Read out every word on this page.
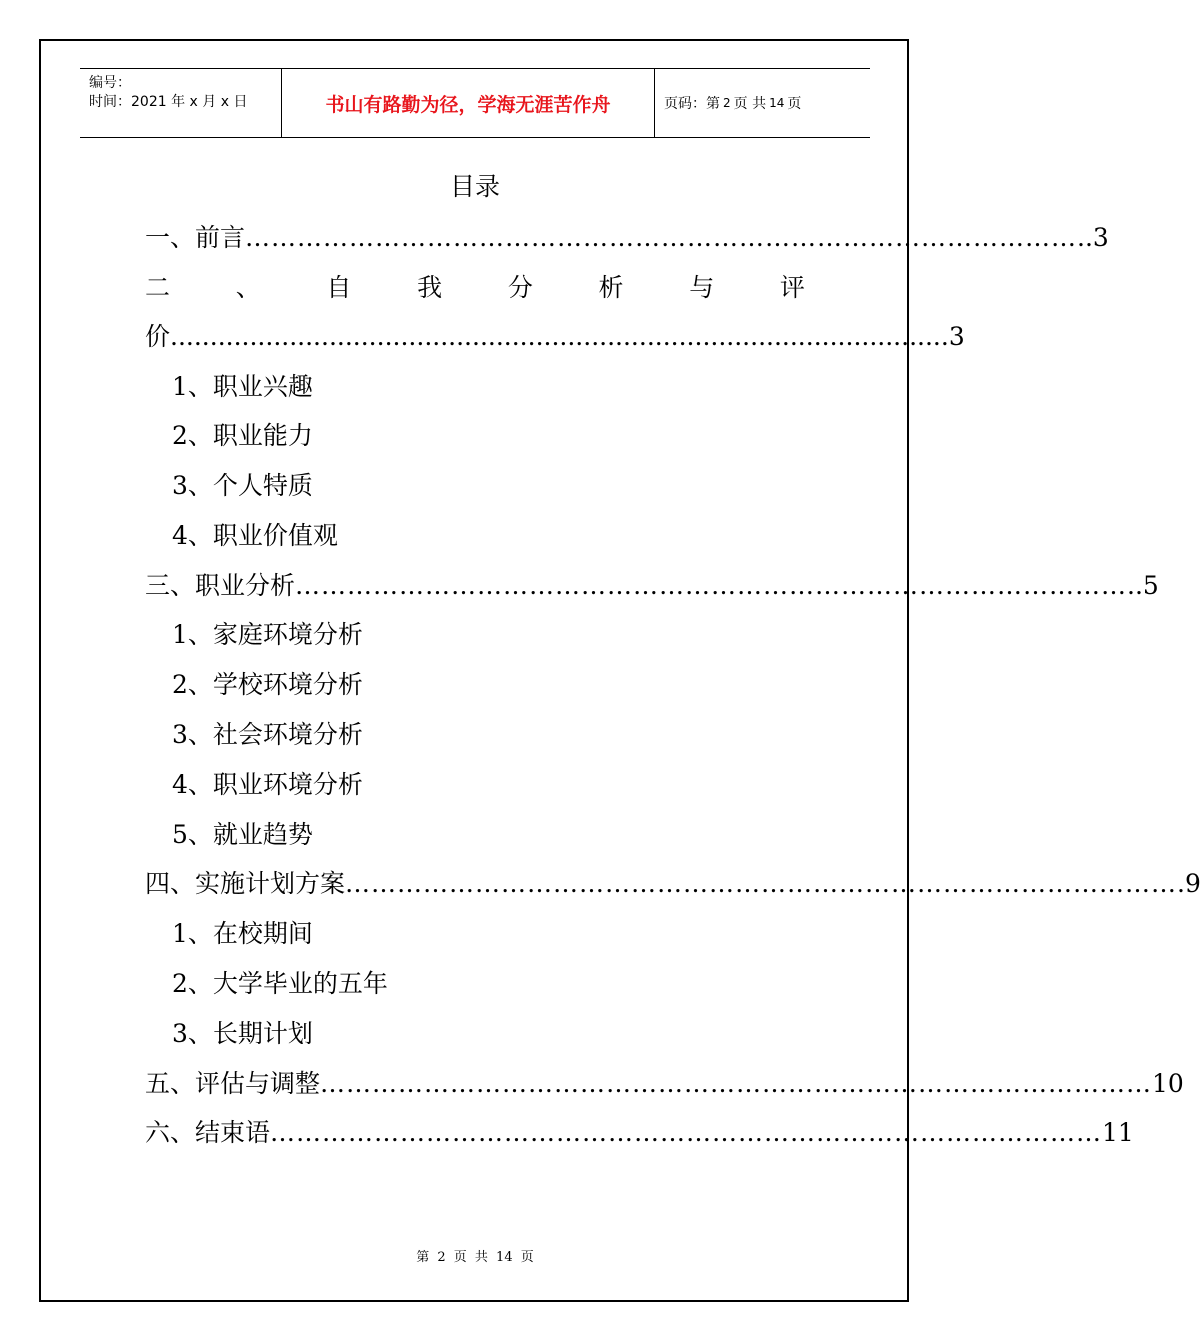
编号：
时间：2021 年 x 月 x 日	书山有路勤为径，学海无涯苦作舟	页码：第 2 页 共 14 页
目录
一、前言 …………………………………………………………………………………… ..3
二	、	自	我	分	析	与	评
价 .................................................................................................. 3
1、职业兴趣
2、职业能力
3、个人特质
4、职业价值观
三、职业分析 …………………………………………………………………………………… ..5
1、家庭环境分析
2、学校环境分析
3、社会环境分析
4、职业环境分析
5、就业趋势
四、实施计划方案 …………………………………………………………………………………… .9
1、在校期间
2、大学毕业的五年
3、长期计划
五、评估与调整 …………………………………………………………………………………… 10
六、结束语 …………………………………………………………………………………… 11
第 2 页 共 14 页
